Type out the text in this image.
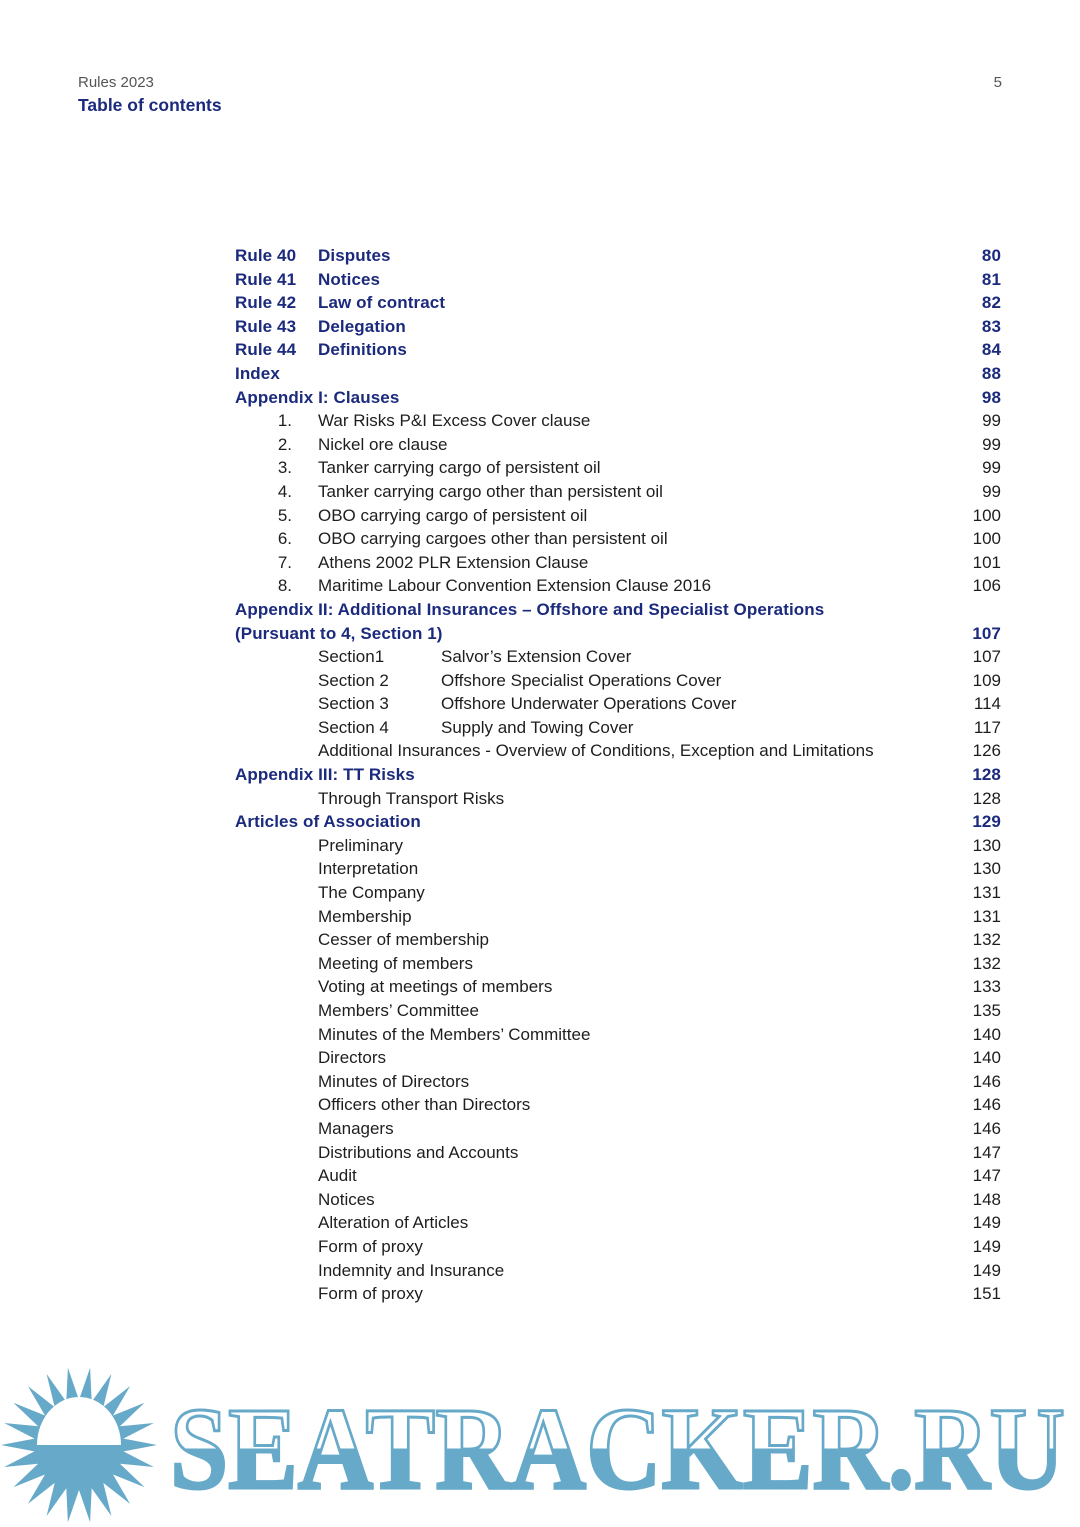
Rules 2023
Table of contents
5
Rule 40 Disputes	80
Rule 41 Notices	81
Rule 42 Law of contract	82
Rule 43 Delegation	83
Rule 44 Definitions	84
Index	88
Appendix I: Clauses	98
1. War Risks P&I Excess Cover clause	99
2. Nickel ore clause	99
3. Tanker carrying cargo of persistent oil	99
4. Tanker carrying cargo other than persistent oil	99
5. OBO carrying cargo of persistent oil	100
6. OBO carrying cargoes other than persistent oil	100
7. Athens 2002 PLR Extension Clause	101
8. Maritime Labour Convention Extension Clause 2016	106
Appendix II: Additional Insurances – Offshore and Specialist Operations
(Pursuant to 4, Section 1)	107
Section1	Salvor’s Extension Cover	107
Section 2	Offshore Specialist Operations Cover	109
Section 3	Offshore Underwater Operations Cover	114
Section 4	Supply and Towing Cover	117
Additional Insurances - Overview of Conditions, Exception and Limitations	126
Appendix III: TT Risks	128
Through Transport Risks	128
Articles of Association	129
Preliminary	130
Interpretation	130
The Company	131
Membership	131
Cesser of membership	132
Meeting of members	132
Voting at meetings of members	133
Members’ Committee	135
Minutes of the Members’ Committee	140
Directors	140
Minutes of Directors	146
Officers other than Directors	146
Managers	146
Distributions and Accounts	147
Audit	147
Notices	148
Alteration of Articles	149
Form of proxy	149
Indemnity and Insurance	149
Form of proxy	151
SEATRACKER.RU
